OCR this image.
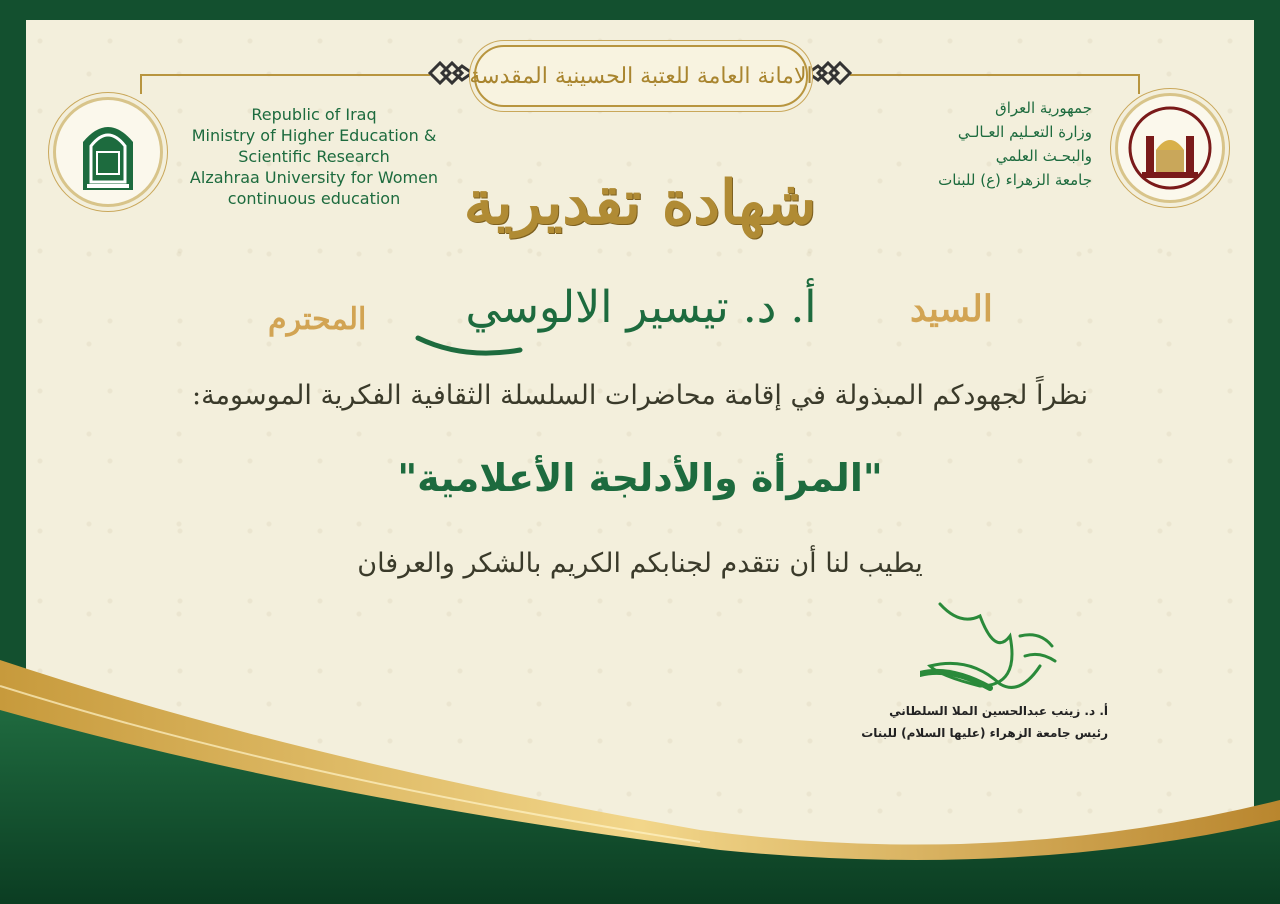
الامانة العامة للعتبة الحسينية المقدسة
Republic of Iraq
Ministry of Higher Education &
Scientific Research
Alzahraa University for Women
continuous education
جمهورية العراق
وزارة التعـليم العـالـي
والبحـث العلمي
جامعة الزهراء (ع) للبنات
شهادة تقديرية
السيد
أ. د. تيسير الالوسي
المحترم
نظراً لجهودكم المبذولة في إقامة محاضرات السلسلة الثقافية الفكرية الموسومة:
"المرأة والأدلجة الأعلامية"
يطيب لنا أن نتقدم لجنابكم الكريم بالشكر والعرفان
أ. د. زينب عبدالحسين الملا السلطاني
رئيس جامعة الزهراء (عليها السلام) للبنات
